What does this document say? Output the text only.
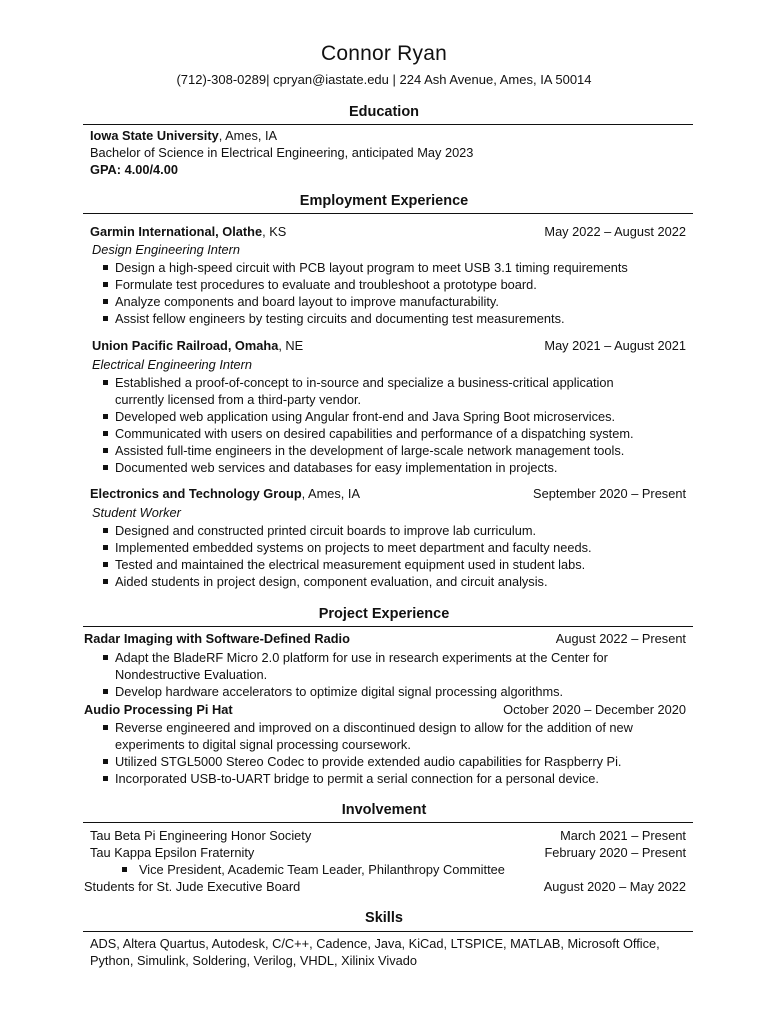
Connor Ryan
(712)-308-0289| cpryan@iastate.edu | 224 Ash Avenue, Ames, IA 50014
Education
Iowa State University, Ames, IA
Bachelor of Science in Electrical Engineering, anticipated May 2023
GPA: 4.00/4.00
Employment Experience
Garmin International, Olathe, KS	May 2022 – August 2022
Design Engineering Intern
Design a high-speed circuit with PCB layout program to meet USB 3.1 timing requirements
Formulate test procedures to evaluate and troubleshoot a prototype board.
Analyze components and board layout to improve manufacturability.
Assist fellow engineers by testing circuits and documenting test measurements.
Union Pacific Railroad, Omaha, NE	May 2021 – August 2021
Electrical Engineering Intern
Established a proof-of-concept to in-source and specialize a business-critical application
currently licensed from a third-party vendor.
Developed web application using Angular front-end and Java Spring Boot microservices.
Communicated with users on desired capabilities and performance of a dispatching system.
Assisted full-time engineers in the development of large-scale network management tools.
Documented web services and databases for easy implementation in projects.
Electronics and Technology Group, Ames, IA	September 2020 – Present
Student Worker
Designed and constructed printed circuit boards to improve lab curriculum.
Implemented embedded systems on projects to meet department and faculty needs.
Tested and maintained the electrical measurement equipment used in student labs.
Aided students in project design, component evaluation, and circuit analysis.
Project Experience
Radar Imaging with Software-Defined Radio	August 2022 – Present
Adapt the BladeRF Micro 2.0 platform for use in research experiments at the Center for
Nondestructive Evaluation.
Develop hardware accelerators to optimize digital signal processing algorithms.
Audio Processing Pi Hat	October 2020 – December 2020
Reverse engineered and improved on a discontinued design to allow for the addition of new
experiments to digital signal processing coursework.
Utilized STGL5000 Stereo Codec to provide extended audio capabilities for Raspberry Pi.
Incorporated USB-to-UART bridge to permit a serial connection for a personal device.
Involvement
Tau Beta Pi Engineering Honor Society	March 2021 – Present
Tau Kappa Epsilon Fraternity	February 2020 – Present
Vice President, Academic Team Leader, Philanthropy Committee
Students for St. Jude Executive Board	August 2020 – May 2022
Skills
ADS, Altera Quartus, Autodesk, C/C++, Cadence, Java, KiCad, LTSPICE, MATLAB, Microsoft Office,
Python, Simulink, Soldering, Verilog, VHDL, Xilinix Vivado
